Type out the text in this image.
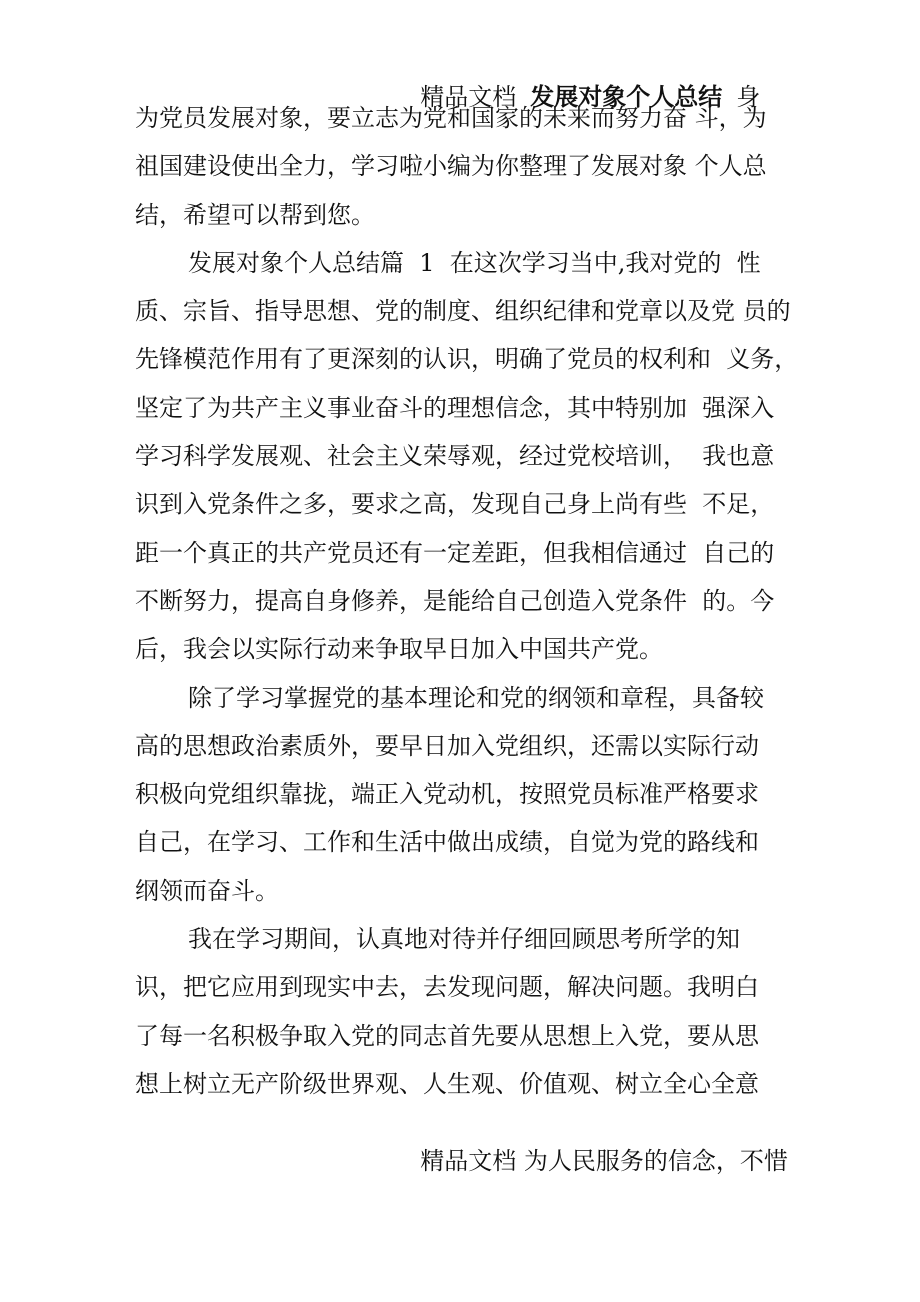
精品文档 发展对象个人总结 身

为党员发展对象，要立志为党和国家的未来而努力奋 斗，为
祖国建设使出全力，学习啦小编为你整理了发展对象 个人总
结，希望可以帮到您。
发展对象个人总结篇  1  在这次学习当中,我对党的  性
质、宗旨、指导思想、党的制度、组织纪律和党章以及党 员的
先锋模范作用有了更深刻的认识，明确了党员的权利和  义务，
坚定了为共产主义事业奋斗的理想信念，其中特别加  强深入
学习科学发展观、社会主义荣辱观，经过党校培训，  我也意
识到入党条件之多，要求之高，发现自己身上尚有些  不足，
距一个真正的共产党员还有一定差距，但我相信通过  自己的
不断努力，提高自身修养，是能给自己创造入党条件  的。今
后，我会以实际行动来争取早日加入中国共产党。
除了学习掌握党的基本理论和党的纲领和章程，具备较
高的思想政治素质外，要早日加入党组织，还需以实际行动
积极向党组织靠拢，端正入党动机，按照党员标准严格要求
自己，在学习、工作和生活中做出成绩，自觉为党的路线和
纲领而奋斗。
我在学习期间，认真地对待并仔细回顾思考所学的知
识，把它应用到现实中去，去发现问题，解决问题。我明白
了每一名积极争取入党的同志首先要从思想上入党，要从思
想上树立无产阶级世界观、人生观、价值观、树立全心全意

精品文档 为人民服务的信念，不惜
